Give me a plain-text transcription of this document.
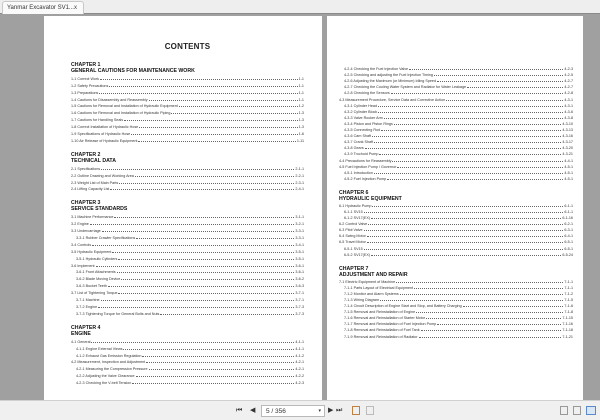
Yanmar Excavator SV1... x
CONTENTS
CHAPTER 1
GENERAL CAUTIONS FOR MAINTENANCE WORK
1-1 Correct Work	1-1
1-2 Safety Precautions	1-1
1-3 Preparations	1-1
1-4 Cautions for Disassembly and Reassembly	1-1
1-5 Cautions for Removal and Installation of Hydraulic Equipment	1-2
1-6 Cautions for Removal and Installation of Hydraulic Piping	1-3
1-7 Cautions for Handling Seals	1-3
1-8 Correct Installation of Hydraulic Hose	1-3
1-9 Specifications of Hydraulic Hose	1-6
1-10 Air Release of Hydraulic Equipment	1-11
CHAPTER 2
TECHNICAL DATA
2-1 Specifications	2-1-1
2-2 Outline Drawing and Working Area	2-2-1
2-3 Weight List of Main Parts	2-3-1
2-4 Lifting Capacity List	2-4-1
CHAPTER 3
SERVICE STANDARDS
3-1 Machine Performance	3-1-1
3-2 Engine	3-2-1
3-3 Undercarriage	3-3-1
3-3-1 Rubber Crawler Specifications	3-3-1
3-4 Controls	3-4-1
3-5 Hydraulic Equipment	3-5-1
3-5-1 Hydraulic Cylinders	3-5-1
3-6 Implement	3-6-1
3-6-1 Front Attachments	3-6-1
3-6-2 Blade Moving Device	3-6-2
3-6-3 Bucket Teeth	3-6-3
3-7 List of Tightening Torque	3-7-1
3-7-1 Machine	3-7-1
3-7-2 Engine	3-7-3
3-7-3 Tightening Torque for General Bolts and Nuts	3-7-3
CHAPTER 4
ENGINE
4-1 General	4-1-1
4-1-1 Engine External Views	4-1-1
4-1-2 Exhaust Gas Emission Regulation	4-1-2
4-2 Measurement, Inspection and Adjustment	4-2-1
4-2-1 Measuring the Compression Pressure	4-2-1
4-2-2 Adjusting the Valve Clearance	4-2-2
4-2-3 Checking the V-belt Tension	4-2-3
4-2-4 Checking the Fuel Injection Valve	4-2-3
4-2-5 Checking and adjusting the Fuel Injection Timing	4-2-5
4-2-6 Adjusting the Maximum (or Minimum) Idling Speed	4-2-7
4-2-7 Checking the Cooling Water System and Radiator for Water Leakage	4-2-7
4-2-8 Checking the Sensors	4-2-8
4-3 Measurement Procedure, Service Data and Corrective Action	4-3-1
4-3-1 Cylinder Head	4-3-1
4-3-2 Cylinder Block	4-3-6
4-3-3 Valve Rocker Arm	4-3-8
4-3-4 Piston and Piston Rings	4-3-10
4-3-5 Connecting Rod	4-3-13
4-3-6 Cam Shaft	4-3-16
4-3-7 Crank Shaft	4-3-17
4-3-8 Gears	4-3-20
4-3-9 Trochoid Pump	4-3-21
4-4 Precautions for Reassembly	4-4-1
4-5 Fuel Injection Pump / Governor	4-5-1
4-5-1 Introduction	4-5-1
4-5-2 Fuel Injection Pump	4-5-1
CHAPTER 6
HYDRAULIC EQUIPMENT
6-1 Hydraulic Pump	6-1-1
6-1-1 SV15	6-1-1
6-1-2 SV17(EX)	6-1-16
6-2 Control Valve	6-2-1
6-3 Pilot Valve	6-3-1
6-4 Swing Motor	6-4-1
6-5 Travel Motor	6-5-1
6-5-1 SV15	6-5-1
6-5-2 SV17(EX)	6-5-24
CHAPTER 7
ADJUSTMENT AND REPAIR
7-1 Electric Equipment of Machine	7-1-1
7-1-1 Parts Layout of Electrical Equipment	7-1-1
7-1-2 Monitor and Alarm Systems	7-1-2
7-1-3 Wiring Diagram	7-1-5
7-1-4 Circuit Description of Engine Start and Stop, and Battery Charging	7-1-6
7-1-5 Removal and Reinstallation of Engine	7-1-8
7-1-6 Removal and Reinstallation of Starter Motor	7-1-15
7-1-7 Removal and Reinstallation of Fuel Injection Pump	7-1-16
7-1-8 Removal and Reinstallation of Fuel Tank	7-1-18
7-1-9 Removal and Reinstallation of Radiator	7-1-21
⏮ ◀	5 / 356	▾ ▶ ⏭
